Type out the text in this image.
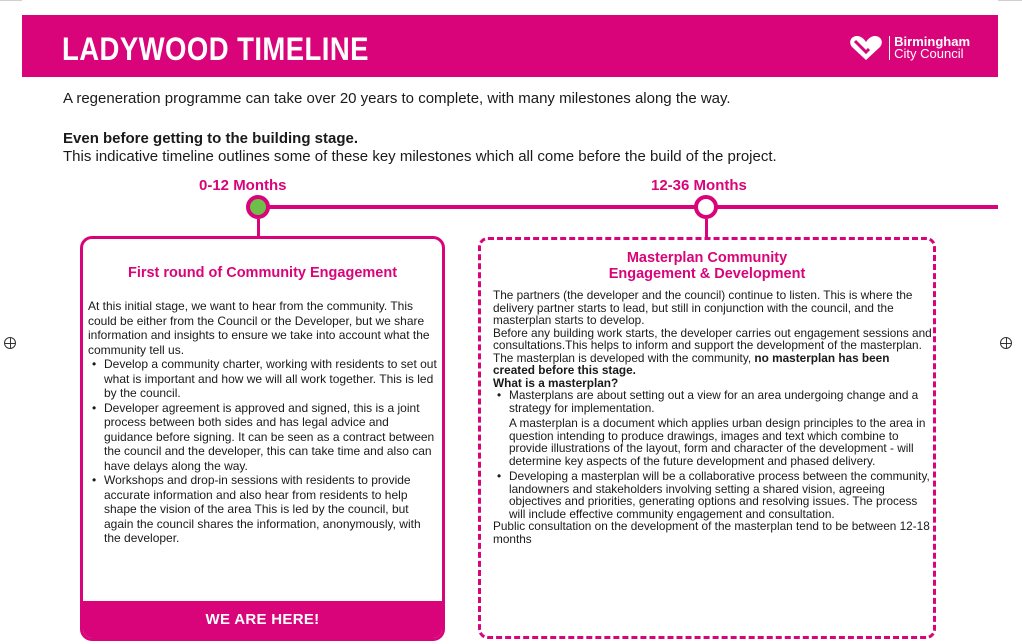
LADYWOOD TIMELINE	Birmingham
City Council
A regeneration programme can take over 20 years to complete, with many milestones along the way.
Even before getting to the building stage.
This indicative timeline outlines some of these key milestones which all come before the build of the project.
0-12 Months	12-36 Months
First round of Community Engagement

At this initial stage, we want to hear from the community. This could be either from the Council or the Developer, but we share information and insights to ensure we take into account what the community tell us.

• Develop a community charter, working with residents to set out what is important and how we will all work together. This is led by the council.
• Developer agreement is approved and signed, this is a joint process between both sides and has legal advice and guidance before signing. It can be seen as a contract between the council and the developer, this can take time and also can have delays along the way.
• Workshops and drop-in sessions with residents to provide accurate information and also hear from residents to help shape the vision of the area This is led by the council, but again the council shares the information, anonymously, with the developer.
WE ARE HERE!
Masterplan Community
Engagement & Development

The partners (the developer and the council) continue to listen. This is where the delivery partner starts to lead, but still in conjunction with the council, and the masterplan starts to develop.

Before any building work starts, the developer carries out engagement sessions and consultations.This helps to inform and support the development of the masterplan.

The masterplan is developed with the community, no masterplan has been created before this stage.

What is a masterplan?

• Masterplans are about setting out a view for an area undergoing change and a strategy for implementation.
A masterplan is a document which applies urban design principles to the area in question intending to produce drawings, images and text which combine to provide illustrations of the layout, form and character of the development - will determine key aspects of the future development and phased delivery.
• Developing a masterplan will be a collaborative process between the community, landowners and stakeholders involving setting a shared vision, agreeing objectives and priorities, generating options and resolving issues. The process will include effective community engagement and consultation.

Public consultation on the development of the masterplan tend to be between 12-18 months
